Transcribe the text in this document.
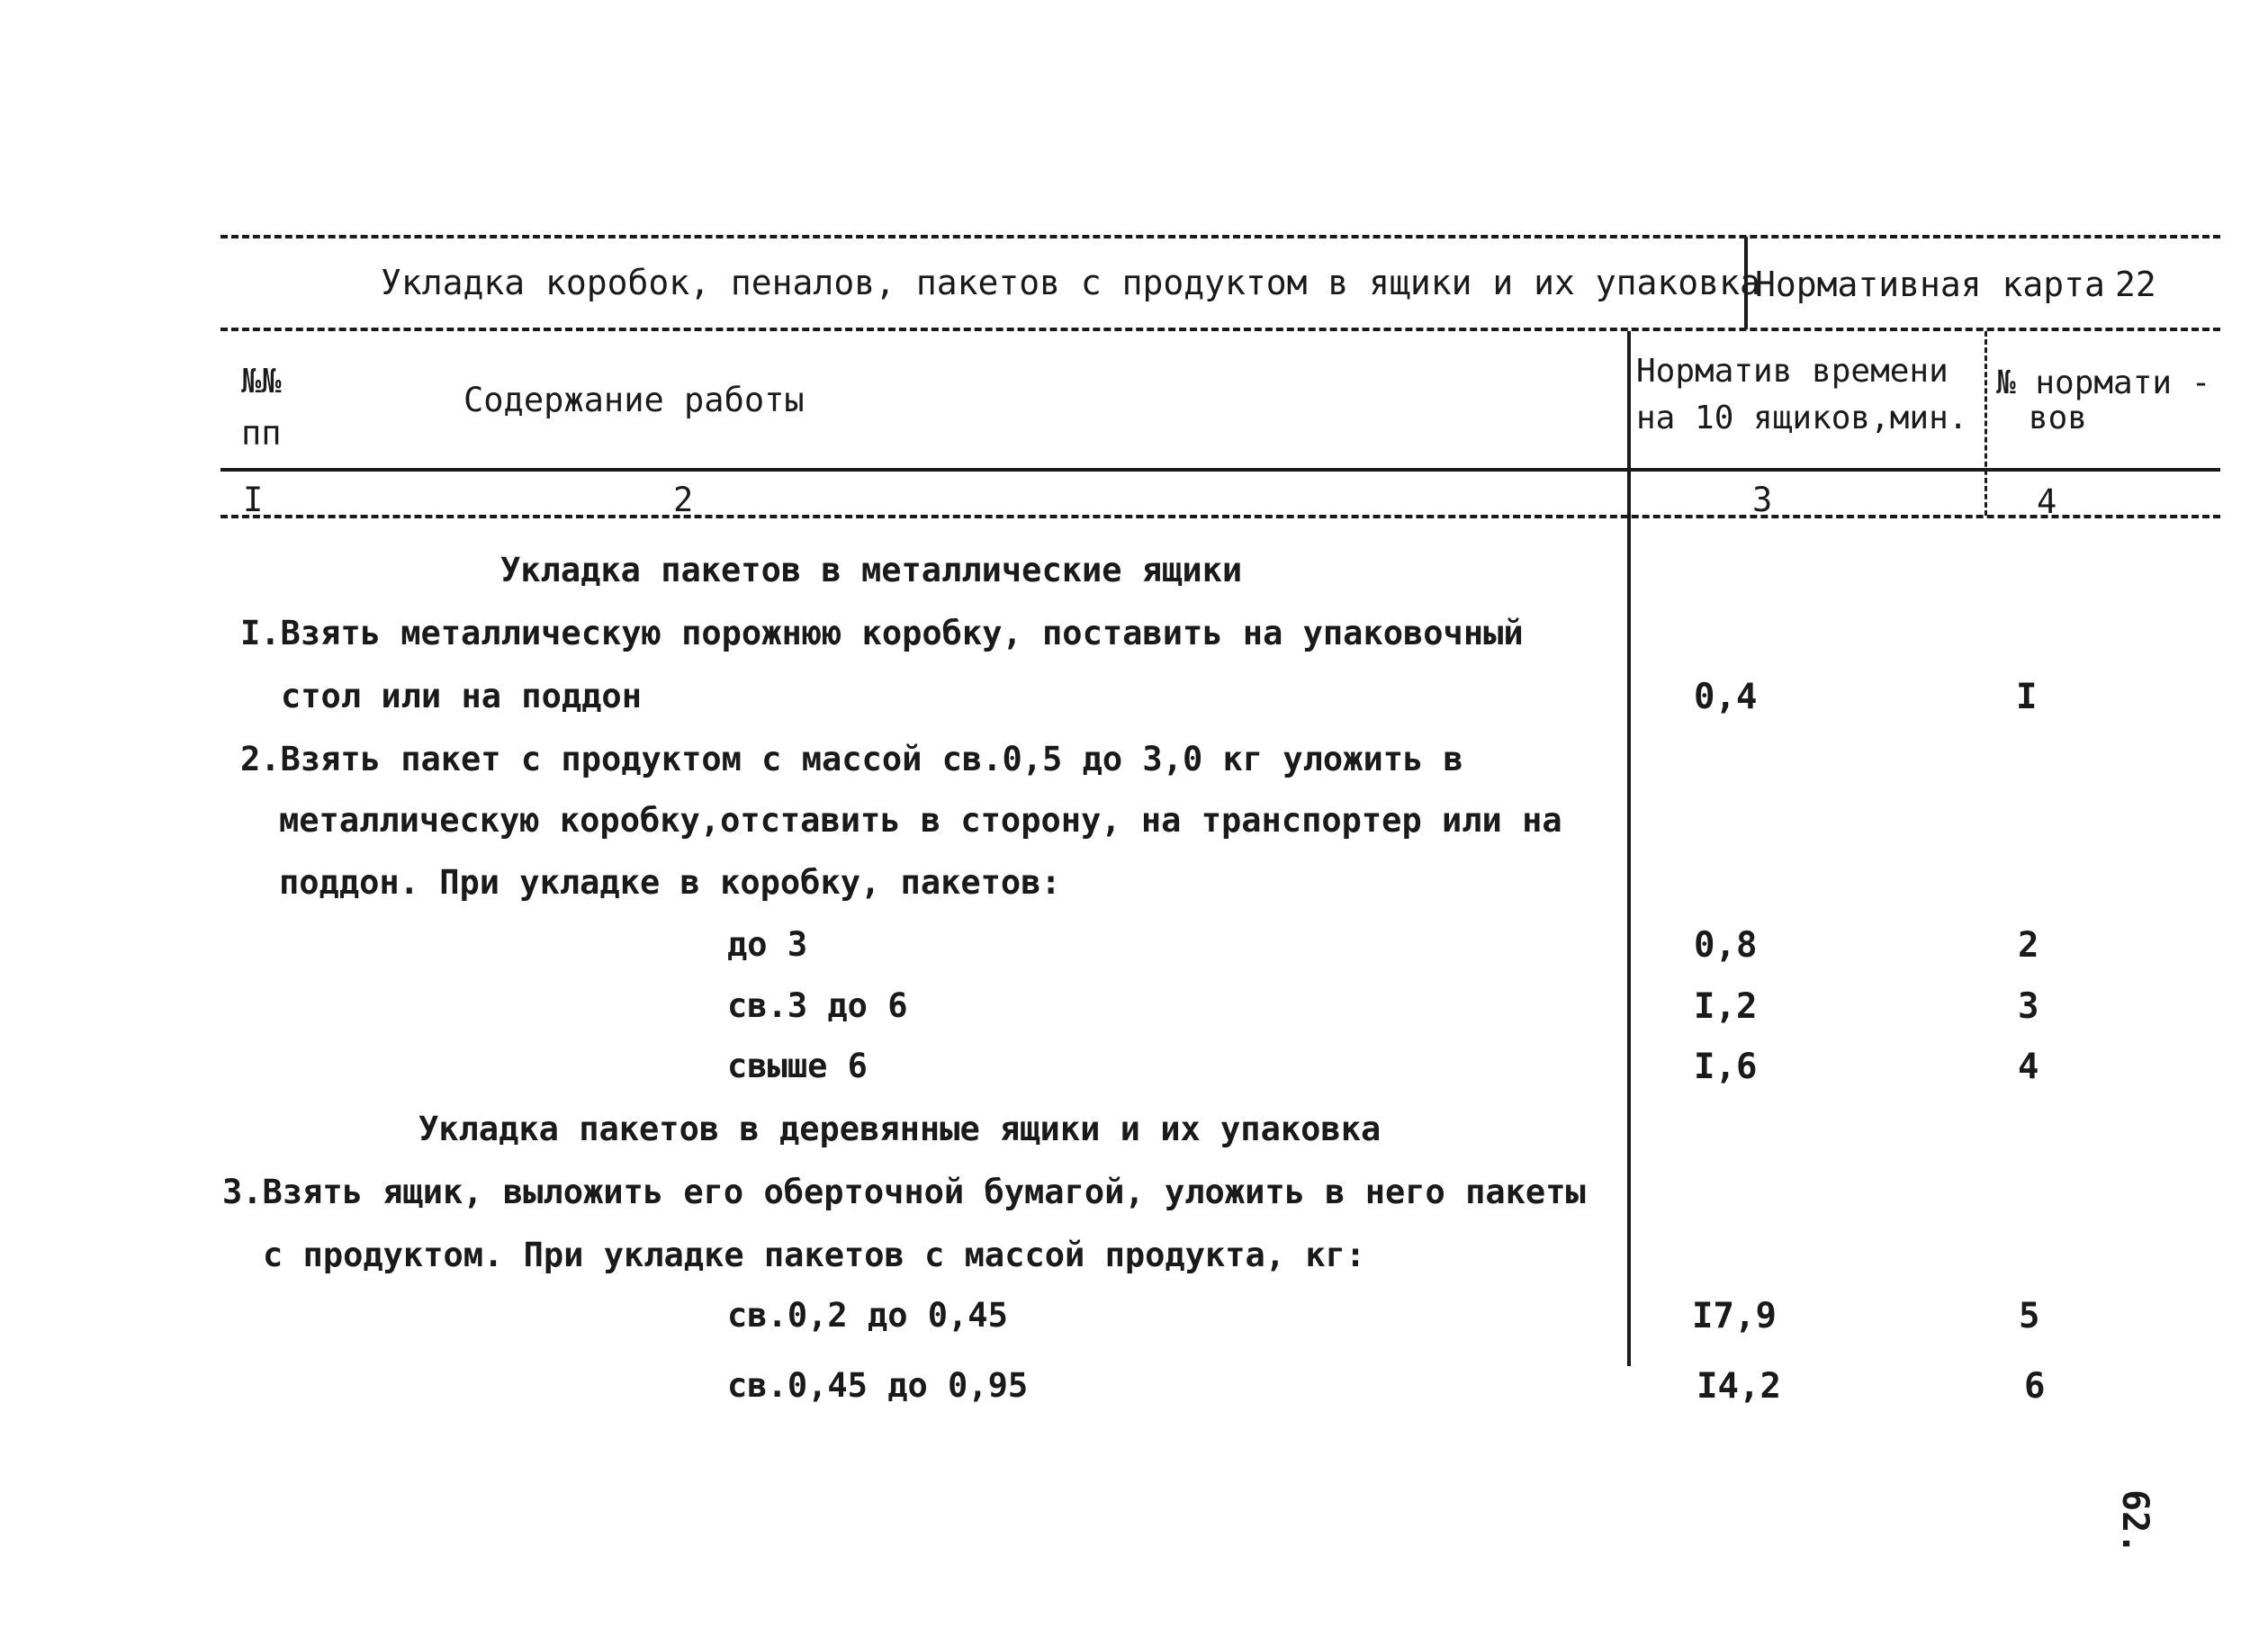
Укладка коробок, пеналов, пакетов с продуктом в ящики и их упаковка
Нормативная карта 22
№№
пп
Содержание работы
Норматив времени
на 10 ящиков,мин.
№ нормати -
вов
I	2	3	4
Укладка пакетов в металлические ящики
I.Взять металлическую порожнюю коробку, поставить на упаковочный
стол или на поддон	0,4	I
2.Взять пакет с продуктом с массой св.0,5 до 3,0 кг уложить в
металлическую коробку,отставить в сторону, на транспортер или на
поддон. При укладке в коробку, пакетов:
до 3	0,8	2
св.3 до 6	I,2	3
свыше 6	I,6	4
Укладка пакетов в деревянные ящики и их упаковка
3.Взять ящик, выложить его оберточной бумагой, уложить в него пакеты
с продуктом. При укладке пакетов с массой продукта, кг:
св.0,2 до 0,45	I7,9	5
св.0,45 до 0,95	I4,2	6
62.
